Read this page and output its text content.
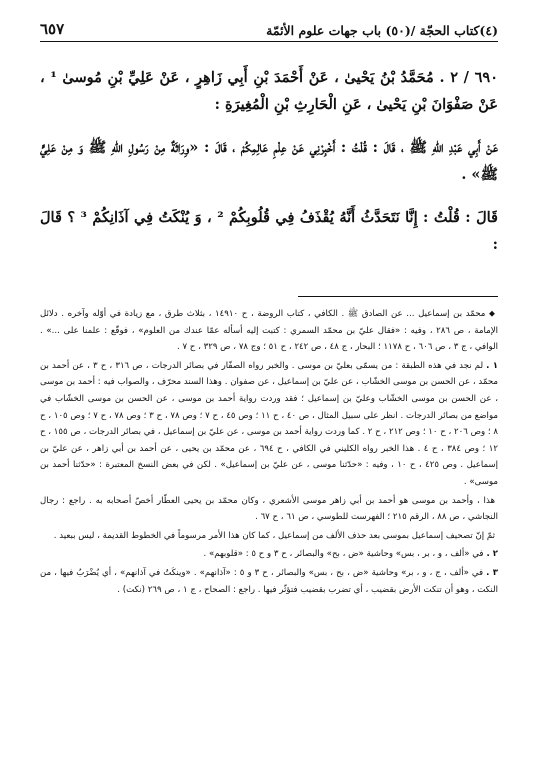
(٤)كتاب الحجّة /(٥٠) باب جهات علوم الأئمّة
٦٥٧

٦٩٠ / ٢ . مُحَمَّدُ بْنُ يَحْيىٰ ، عَنْ أَحْمَدَ بْنِ أَبِي زَاهِرٍ ، عَنْ عَلِيِّ بْنِ مُوسىٰ ¹ ، عَنْ صَفْوَانَ بْنِ يَحْيىٰ ، عَنِ الْحَارِثِ بْنِ الْمُغِيرَةِ :

عَنْ أَبِي عَبْدِ اللّٰهِ ﷺ ، قَالَ : قُلْتُ : أَخْبِرْنِي عَنْ عِلْمِ عَالِمِكُمْ ، قَالَ : «وِرَاثَةٌ مِنْ رَسُولِ اللّٰهِ ﷺ وَ مِنْ عَلِيٍّ ﷺ» .

قَالَ : قُلْتُ : إِنَّا نَتَحَدَّثُ أَنَّهُ يُقْذَفُ فِي قُلُوبِكُمْ ² ، وَ يُنْكَتُ فِي آذَانِكُمْ ³ ؟ قَالَ :

⬥ محمّد بن إسماعيل ... عن الصادق ﷺ . الكافي ، كتاب الروضة ، ح ١٤٩١٠ ، بثلاث طرق ، مع زيادة في أوّله وآخره . دلائل الإمامة ، ص ٢٨٦ ، وفيه : «فقال عليّ بن محمّد السمري : كتبت إليه أسأله عمّا عندك من العلوم» ، فوقّع : علمنا على ...» . الوافي ، ج ٣ ، ص ٦٠٦ ، ح ١١٧٨ ؛ البحار ، ج ٤٨ ، ص ٢٤٢ ، ح ٥١ ؛ وج ٧٨ ، ص ٣٢٩ ، ح ٧ .

١ .لم نجد في هذه الطبقة : من يسمّى بعليّ بن موسى . والخبر رواه الصفّار في بصائر الدرجات ، ص ٣١٦ ، ح ٣ ، عن أحمد بن محمّد ، عن الحسن بن موسى الخشّاب ، عن عليّ بن إسماعيل ، عن صفوان . وهذا السند محرّف ، والصواب فيه : أحمد بن موسى ، عن الحسن بن موسى الخشّاب وعليّ بن إسماعيل ؛ فقد وردت رواية أحمد بن موسى ، عن الحسن بن موسى الخشّاب في مواضع من بصائر الدرجات . انظر على سبيل المثال ، ص ٤٠ ، ح ١١ ؛ وص ٤٥ ، ح ٧ ؛ وص ٧٨ ، ح ٣ ؛ وص ٧٨ ، ح ٧ ؛ وص ١٠٥ ، ح ٨ ؛ وص ٢٠٦ ، ح ١٠ ؛ وص ٢١٢ ، ح ٢ . كما وردت رواية أحمد بن موسى ، عن عليّ بن إسماعيل ، في بصائر الدرجات ، ص ١٥٥ ، ح ١٢ ؛ وص ٣٨٤ ، ح ٤ . هذا الخبر رواه الكليني في الكافي ، ح ٦٩٤ ، عن محمّد بن يحيى ، عن أحمد بن أبي زاهر ، عن عليّ بن إسماعيل . وص ٤٢٥ ، ح ١٠ ، وفيه : «حدّثنا موسى ، عن عليّ بن إسماعيل» . لكن في بعض النسخ المعتبرة : «حدّثنا أحمد بن موسى» .

هذا ، وأحمد بن موسى هو أحمد بن أبي زاهر موسى الأشعري ، وكان محمّد بن يحيى العطّار أخصّ أصحابه به . راجع : رجال النجاشي ، ص ٨٨ ، الرقم ٢١٥ ؛ الفهرست للطوسي ، ص ٦١ ، ح ٦٧ .

ثمّ إنّ تصحيف إسماعيل بموسى بعد حذف الألف من إسماعيل ، كما كان هذا الأمر مرسوماً في الخطوط القديمة ، ليس ببعيد .

٢ .في «ألف ، و ، بر ، بس» وحاشية «ض ، بح» والبصائر ، ح ٣ و ح ٥ : «قلوبهم» .

٣ .في «ألف ، ج ، و ، بر» وحاشية «ض ، بح ، بس» والبصائر ، ح ٣ و ٥ : «آذانهم» . «وينكَتُ في آذانهم» ، أي يُضْرَبُ فيها ، من النكت ، وهو أن تنكت الأرض بقضيب ، أي تضرب بقضيب فتؤثّر فيها . راجع : الصحاح ، ج ١ ، ص ٢٦٩ (نكت) .
